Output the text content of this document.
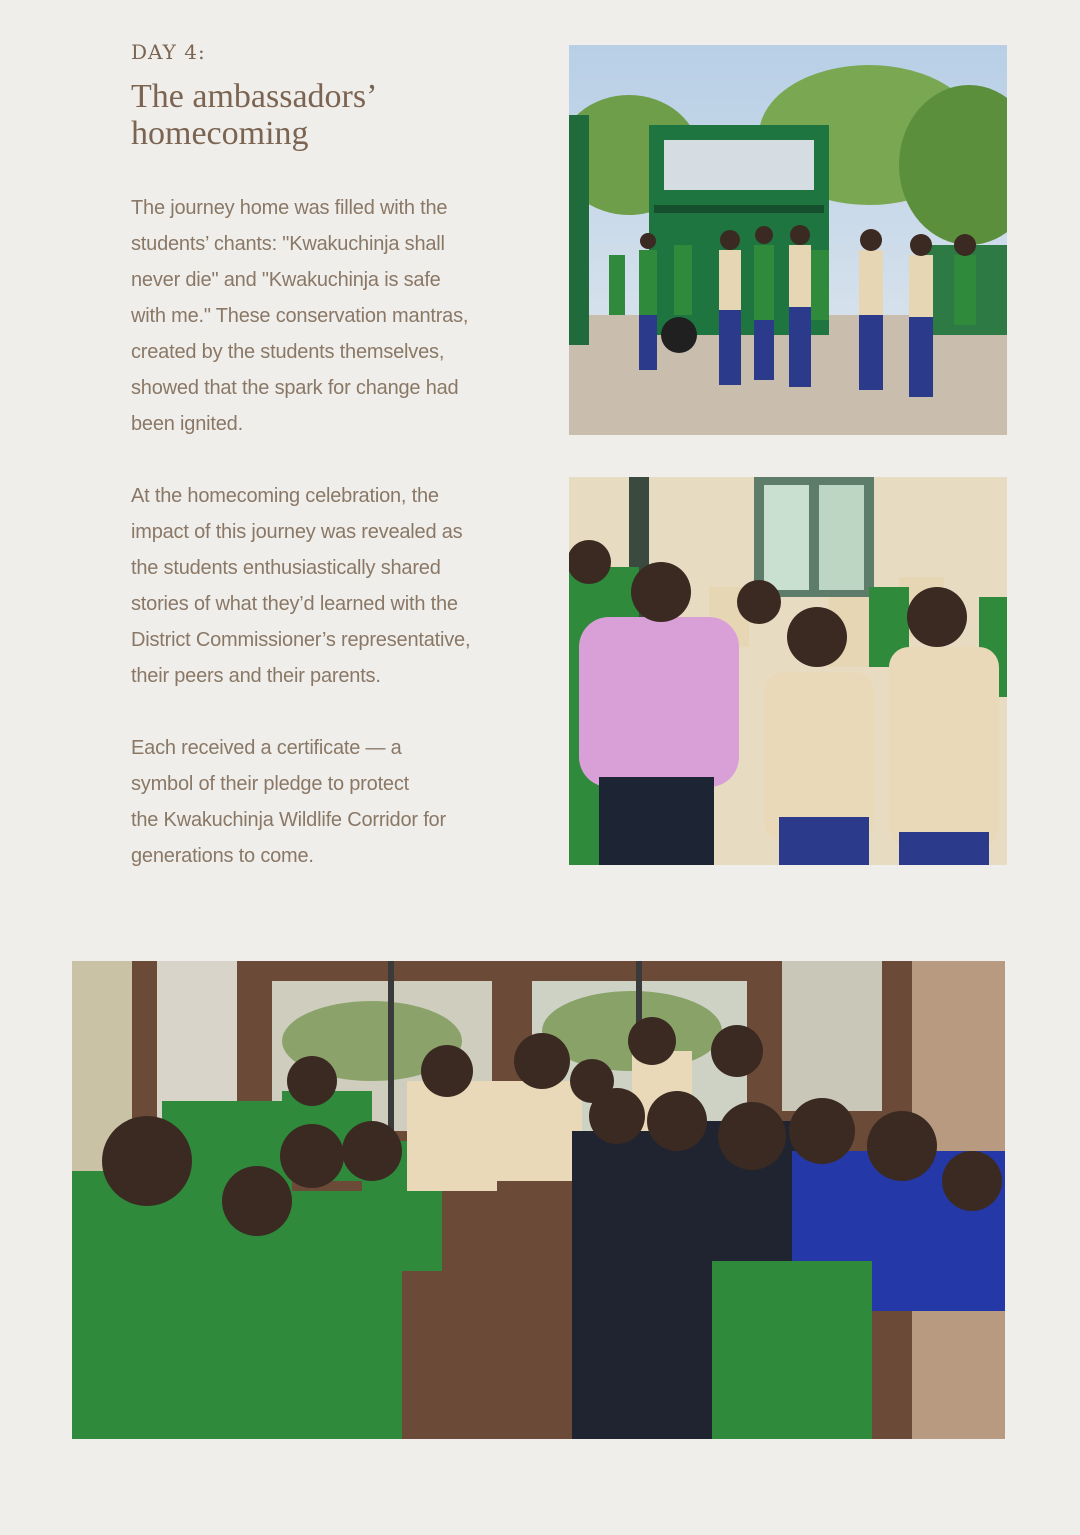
DAY 4:
The ambassadors’
homecoming

The journey home was filled with the
students’ chants: "Kwakuchinja shall
never die" and "Kwakuchinja is safe
with me." These conservation mantras,
created by the students themselves,
showed that the spark for change had
been ignited.

At the homecoming celebration, the
impact of this journey was revealed as
the students enthusiastically shared
stories of what they’d learned with the
District Commissioner’s representative,
their peers and their parents.

Each received a certificate — a
symbol of their pledge to protect
the Kwakuchinja Wildlife Corridor for
generations to come.
